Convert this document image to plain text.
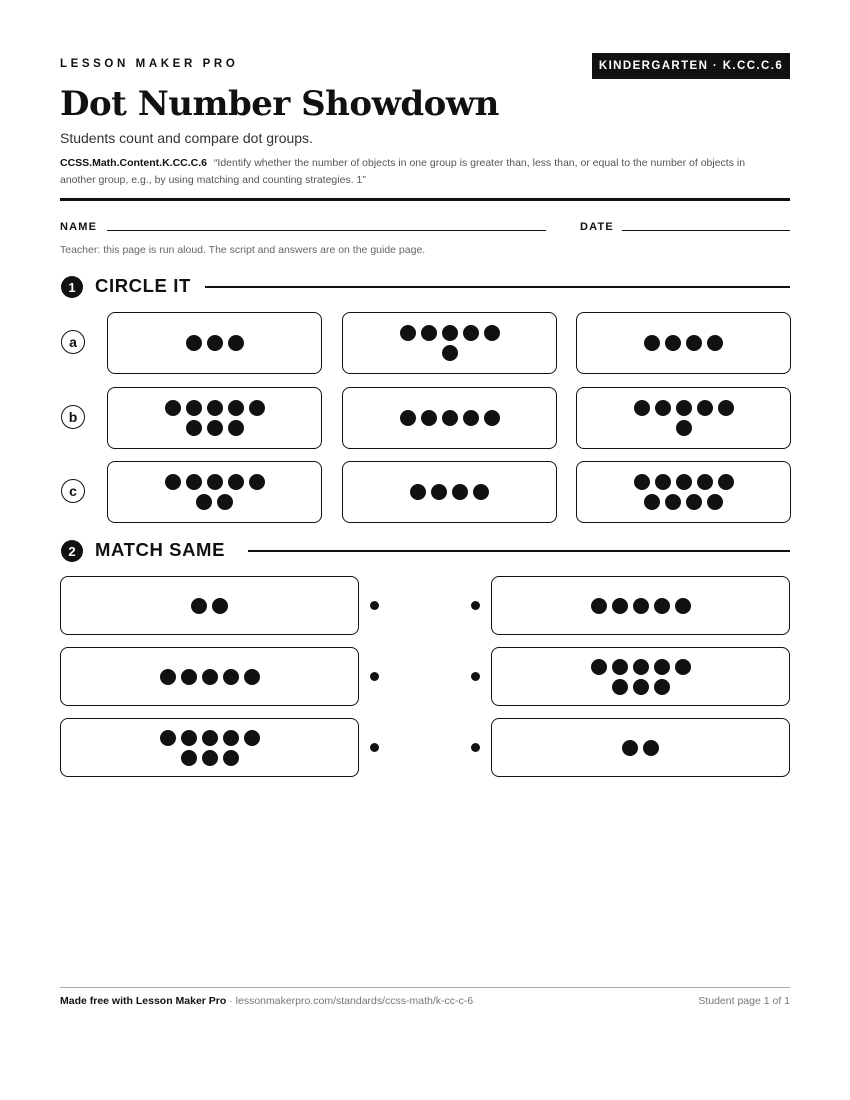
LESSON MAKER PRO	KINDERGARTEN · K.CC.C.6
Dot Number Showdown
Students count and compare dot groups.
CCSS.Math.Content.K.CC.C.6 “Identify whether the number of objects in one group is greater than, less than, or equal to the number of objects in another group, e.g., by using matching and counting strategies. 1”
NAME	DATE
Teacher: this page is run aloud. The script and answers are on the guide page.
1	CIRCLE IT
a
b
c
2	MATCH SAME
Made free with Lesson Maker Pro · lessonmakerpro.com/standards/ccss-math/k-cc-c-6	Student page 1 of 1
